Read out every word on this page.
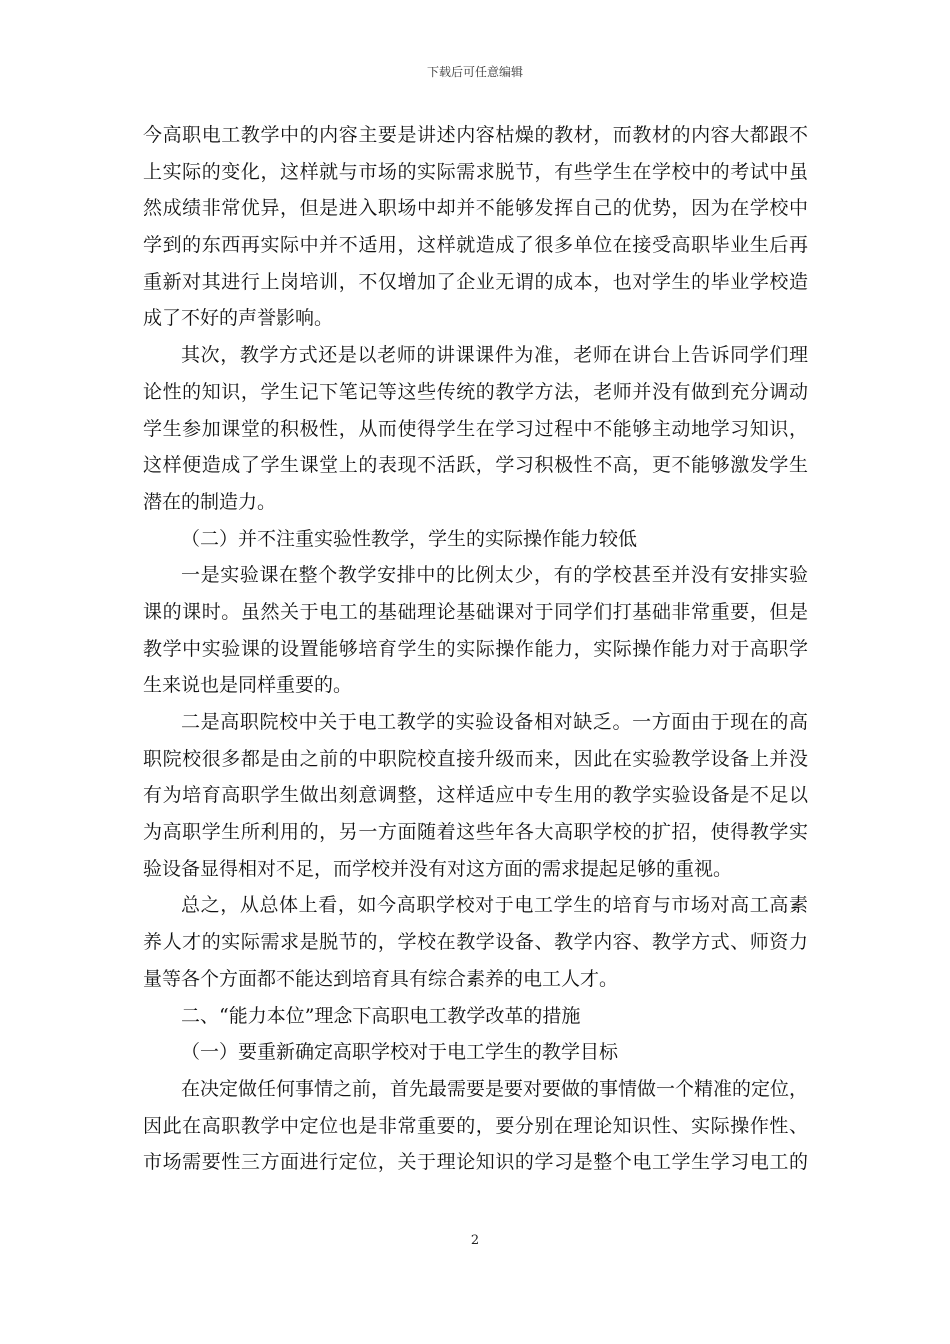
下载后可任意编辑
今高职电工教学中的内容主要是讲述内容枯燥的教材，而教材的内容大都跟不
上实际的变化，这样就与市场的实际需求脱节，有些学生在学校中的考试中虽
然成绩非常优异，但是进入职场中却并不能够发挥自己的优势，因为在学校中
学到的东西再实际中并不适用，这样就造成了很多单位在接受高职毕业生后再
重新对其进行上岗培训，不仅增加了企业无谓的成本，也对学生的毕业学校造
成了不好的声誉影响。
其次，教学方式还是以老师的讲课课件为准，老师在讲台上告诉同学们理
论性的知识，学生记下笔记等这些传统的教学方法，老师并没有做到充分调动
学生参加课堂的积极性，从而使得学生在学习过程中不能够主动地学习知识，
这样便造成了学生课堂上的表现不活跃，学习积极性不高，更不能够激发学生
潜在的制造力。
（二）并不注重实验性教学，学生的实际操作能力较低
一是实验课在整个教学安排中的比例太少，有的学校甚至并没有安排实验
课的课时。虽然关于电工的基础理论基础课对于同学们打基础非常重要，但是
教学中实验课的设置能够培育学生的实际操作能力，实际操作能力对于高职学
生来说也是同样重要的。
二是高职院校中关于电工教学的实验设备相对缺乏。一方面由于现在的高
职院校很多都是由之前的中职院校直接升级而来，因此在实验教学设备上并没
有为培育高职学生做出刻意调整，这样适应中专生用的教学实验设备是不足以
为高职学生所利用的，另一方面随着这些年各大高职学校的扩招，使得教学实
验设备显得相对不足，而学校并没有对这方面的需求提起足够的重视。
总之，从总体上看，如今高职学校对于电工学生的培育与市场对高工高素
养人才的实际需求是脱节的，学校在教学设备、教学内容、教学方式、师资力
量等各个方面都不能达到培育具有综合素养的电工人才。
二、“能力本位”理念下高职电工教学改革的措施
（一）要重新确定高职学校对于电工学生的教学目标
在决定做任何事情之前，首先最需要是要对要做的事情做一个精准的定位，
因此在高职教学中定位也是非常重要的，要分别在理论知识性、实际操作性、
市场需要性三方面进行定位，关于理论知识的学习是整个电工学生学习电工的
2
